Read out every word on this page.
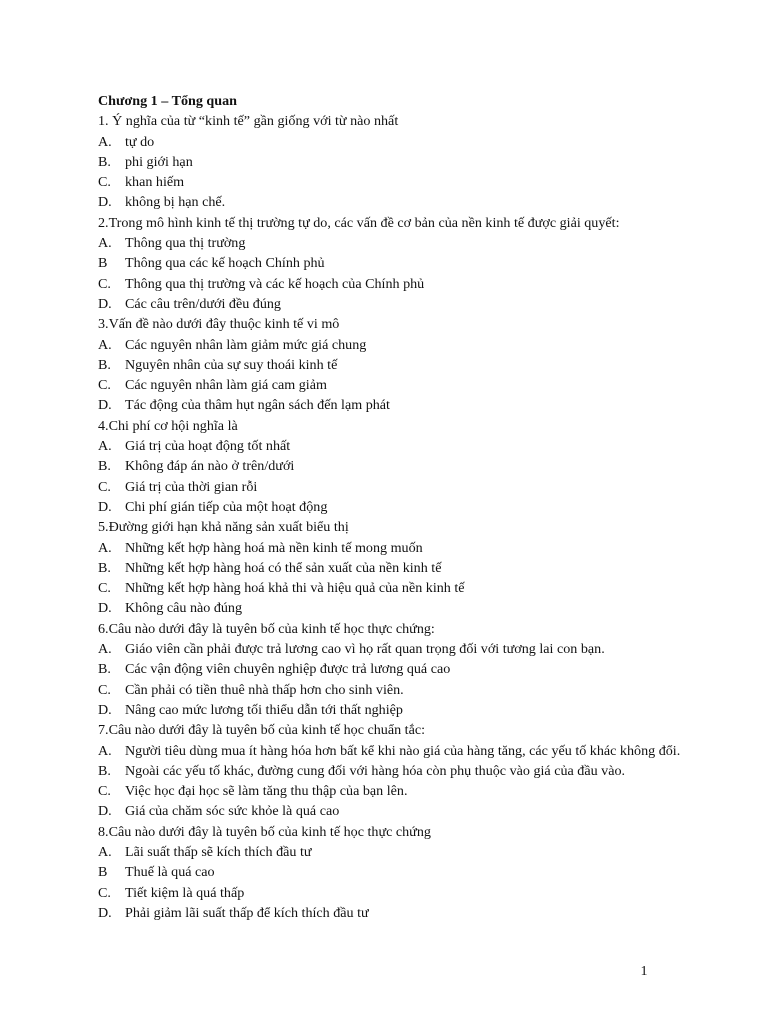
Chương 1 – Tổng quan
1. Ý nghĩa của từ “kinh tế” gần giống với từ nào nhất
A. tự do
B. phi giới hạn
C. khan hiếm
D. không bị hạn chế.
2.Trong mô hình kinh tế thị trường tự do, các vấn đề cơ bản của nền kinh tế được giải quyết:
A. Thông qua thị trường
B	Thông qua các kế hoạch Chính phủ
C. Thông qua thị trường và các kế hoạch của Chính phủ
D. Các câu trên/dưới đều đúng
3.Vấn đề nào dưới đây thuộc kinh tế vi mô
A. Các nguyên nhân làm giảm mức giá chung
B. Nguyên nhân của sự suy thoái kinh tế
C. Các nguyên nhân làm giá cam giảm
D. Tác động của thâm hụt ngân sách đến lạm phát
4.Chi phí cơ hội nghĩa là
A. Giá trị của hoạt động tốt nhất
B. Không đáp án nào ở trên/dưới
C. Giá trị của thời gian rỗi
D. Chi phí gián tiếp của một hoạt động
5.Đường giới hạn khả năng sản xuất biểu thị
A. Những kết hợp hàng hoá mà nền kinh tế mong muốn
B. Những kết hợp hàng hoá có thể sản xuất của nền kinh tế
C. Những kết hợp hàng hoá khả thi và hiệu quả của nền kinh tế
D. Không câu nào đúng
6.Câu nào dưới đây là tuyên bố của kinh tế học thực chứng:
A. Giáo viên cần phải được trả lương cao vì họ rất quan trọng đối với tương lai con bạn.
B. Các vận động viên chuyên nghiệp được trả lương quá cao
C. Cần phải có tiền thuê nhà thấp hơn cho sinh viên.
D. Nâng cao mức lương tối thiểu dẫn tới thất nghiệp
7.Câu nào dưới đây là tuyên bố của kinh tế học chuẩn tắc:
A. Người tiêu dùng mua ít hàng hóa hơn bất kể khi nào giá của hàng tăng, các yếu tố khác không đổi.
B. Ngoài các yếu tố khác, đường cung đối với hàng hóa còn phụ thuộc vào giá của đầu vào.
C. Việc học đại học sẽ làm tăng thu thập của bạn lên.
D. Giá của chăm sóc sức khỏe là quá cao
8.Câu nào dưới đây là tuyên bố của kinh tế học thực chứng
A. Lãi suất thấp sẽ kích thích đầu tư
B	Thuế là quá cao
C. Tiết kiệm là quá thấp
D. Phải giảm lãi suất thấp để kích thích đầu tư
1
